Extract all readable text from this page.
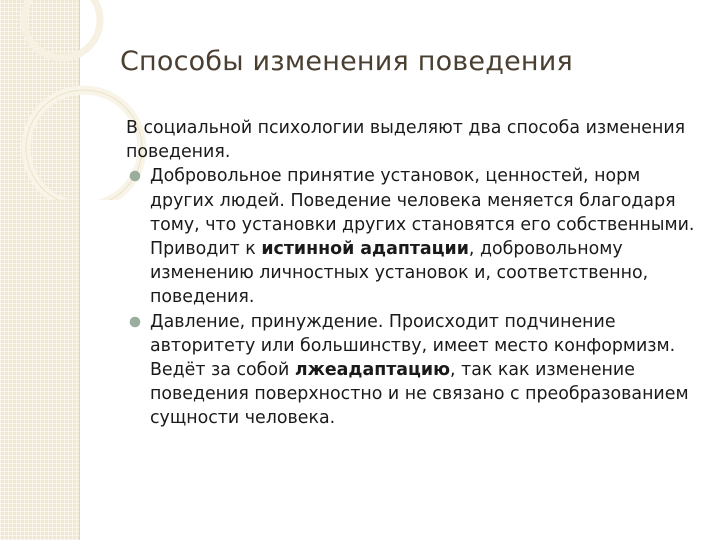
Способы изменения поведения

В социальной психологии выделяют два способа изменения поведения.

Добровольное принятие установок, ценностей, норм других людей. Поведение человека меняется благодаря тому, что установки других становятся его собственными. Приводит к истинной адаптации, добровольному изменению личностных установок и, соответственно, поведения.
Давление, принуждение. Происходит подчинение авторитету или большинству, имеет место конформизм. Ведёт за собой лжеадаптацию, так как изменение поведения поверхностно и не связано с преобразованием сущности человека.
